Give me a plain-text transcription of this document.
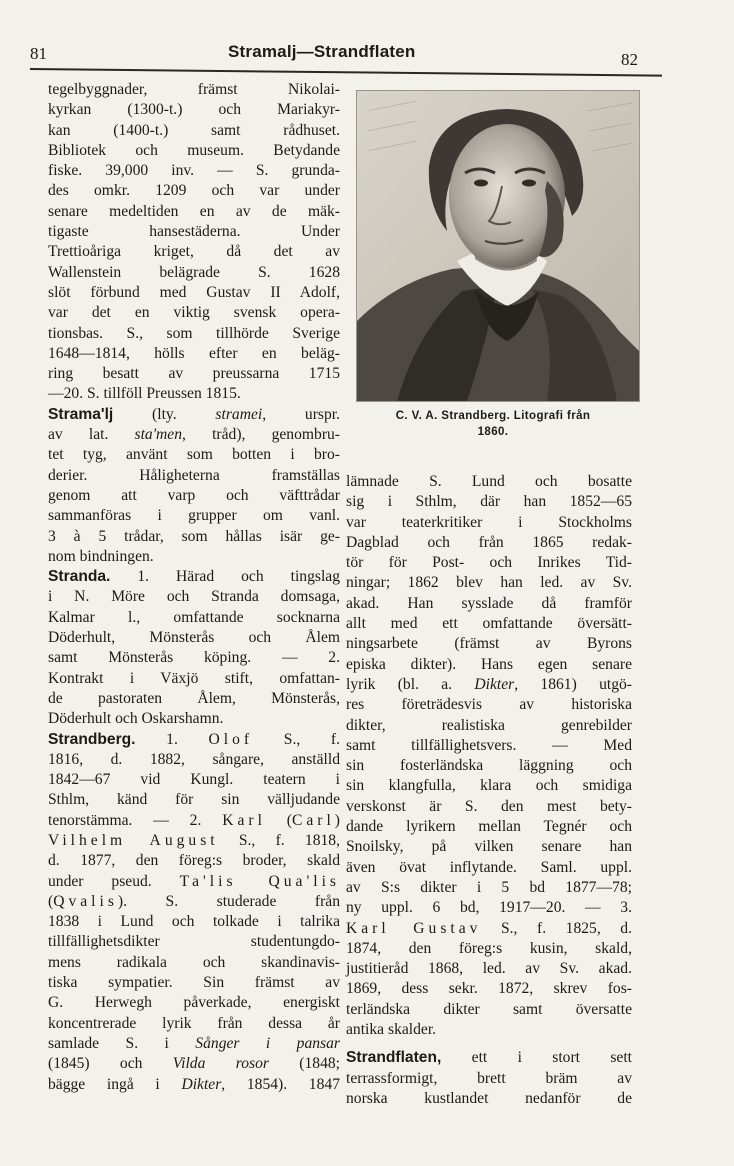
81	Stramalj—Strandflaten	82
tegelbyggnader, främst Nikolai-
kyrkan (1300-t.) och Mariakyr-
kan (1400-t.) samt rådhuset.
Bibliotek och museum. Betydande
fiske. 39,000 inv. — S. grunda-
des omkr. 1209 och var under
senare medeltiden en av de mäk-
tigaste hansestäderna. Under
Trettioåriga kriget, då det av
Wallenstein belägrade S. 1628
slöt förbund med Gustav II Adolf,
var det en viktig svensk opera-
tionsbas. S., som tillhörde Sverige
1648—1814, hölls efter en beläg-
ring besatt av preussarna 1715
—20. S. tillföll Preussen 1815.
Strama'lj (lty. stramei, urspr.
av lat. sta'men, tråd), genombru-
tet tyg, använt som botten i bro-
derier. Håligheterna framställas
genom att varp och väfttrådar
sammanföras i grupper om vanl.
3 à 5 trådar, som hållas isär ge-
nom bindningen.
Stranda. 1. Härad och tingslag
i N. Möre och Stranda domsaga,
Kalmar l., omfattande socknarna
Döderhult, Mönsterås och Ålem
samt Mönsterås köping. — 2.
Kontrakt i Växjö stift, omfattan-
de pastoraten Ålem, Mönsterås,
Döderhult och Oskarshamn.
Strandberg. 1. Olof S., f.
1816, d. 1882, sångare, anställd
1842—67 vid Kungl. teatern i
Sthlm, känd för sin välljudande
tenorstämma. — 2. Karl (Carl)
Vilhelm August S., f. 1818,
d. 1877, den föreg:s broder, skald
under pseud. Ta'lis Qua'lis
(Qvalis). S. studerade från
1838 i Lund och tolkade i talrika
tillfällighetsdikter studentungdo-
mens radikala och skandinavis-
tiska sympatier. Sin främst av
G. Herwegh påverkade, energiskt
koncentrerade lyrik från dessa år
samlade S. i Sånger i pansar
(1845) och Vilda rosor (1848;
bägge ingå i Dikter, 1854). 1847
C. V. A. Strandberg. Litografi från
1860.
lämnade S. Lund och bosatte
sig i Sthlm, där han 1852—65
var teaterkritiker i Stockholms
Dagblad och från 1865 redak-
tör för Post- och Inrikes Tid-
ningar; 1862 blev han led. av Sv.
akad. Han sysslade då framför
allt med ett omfattande översätt-
ningsarbete (främst av Byrons
episka dikter). Hans egen senare
lyrik (bl. a. Dikter, 1861) utgö-
res företrädesvis av historiska
dikter, realistiska genrebilder
samt tillfällighetsvers. — Med
sin fosterländska läggning och
sin klangfulla, klara och smidiga
verskonst är S. den mest bety-
dande lyrikern mellan Tegnér och
Snoilsky, på vilken senare han
även övat inflytande. Saml. uppl.
av S:s dikter i 5 bd 1877—78;
ny uppl. 6 bd, 1917—20. — 3.
Karl Gustav S., f. 1825, d.
1874, den föreg:s kusin, skald,
justitieråd 1868, led. av Sv. akad.
1869, dess sekr. 1872, skrev fos-
terländska dikter samt översatte
antika skalder.
Strandflaten, ett i stort sett
terrassformigt, brett bräm av
norska kustlandet nedanför de
